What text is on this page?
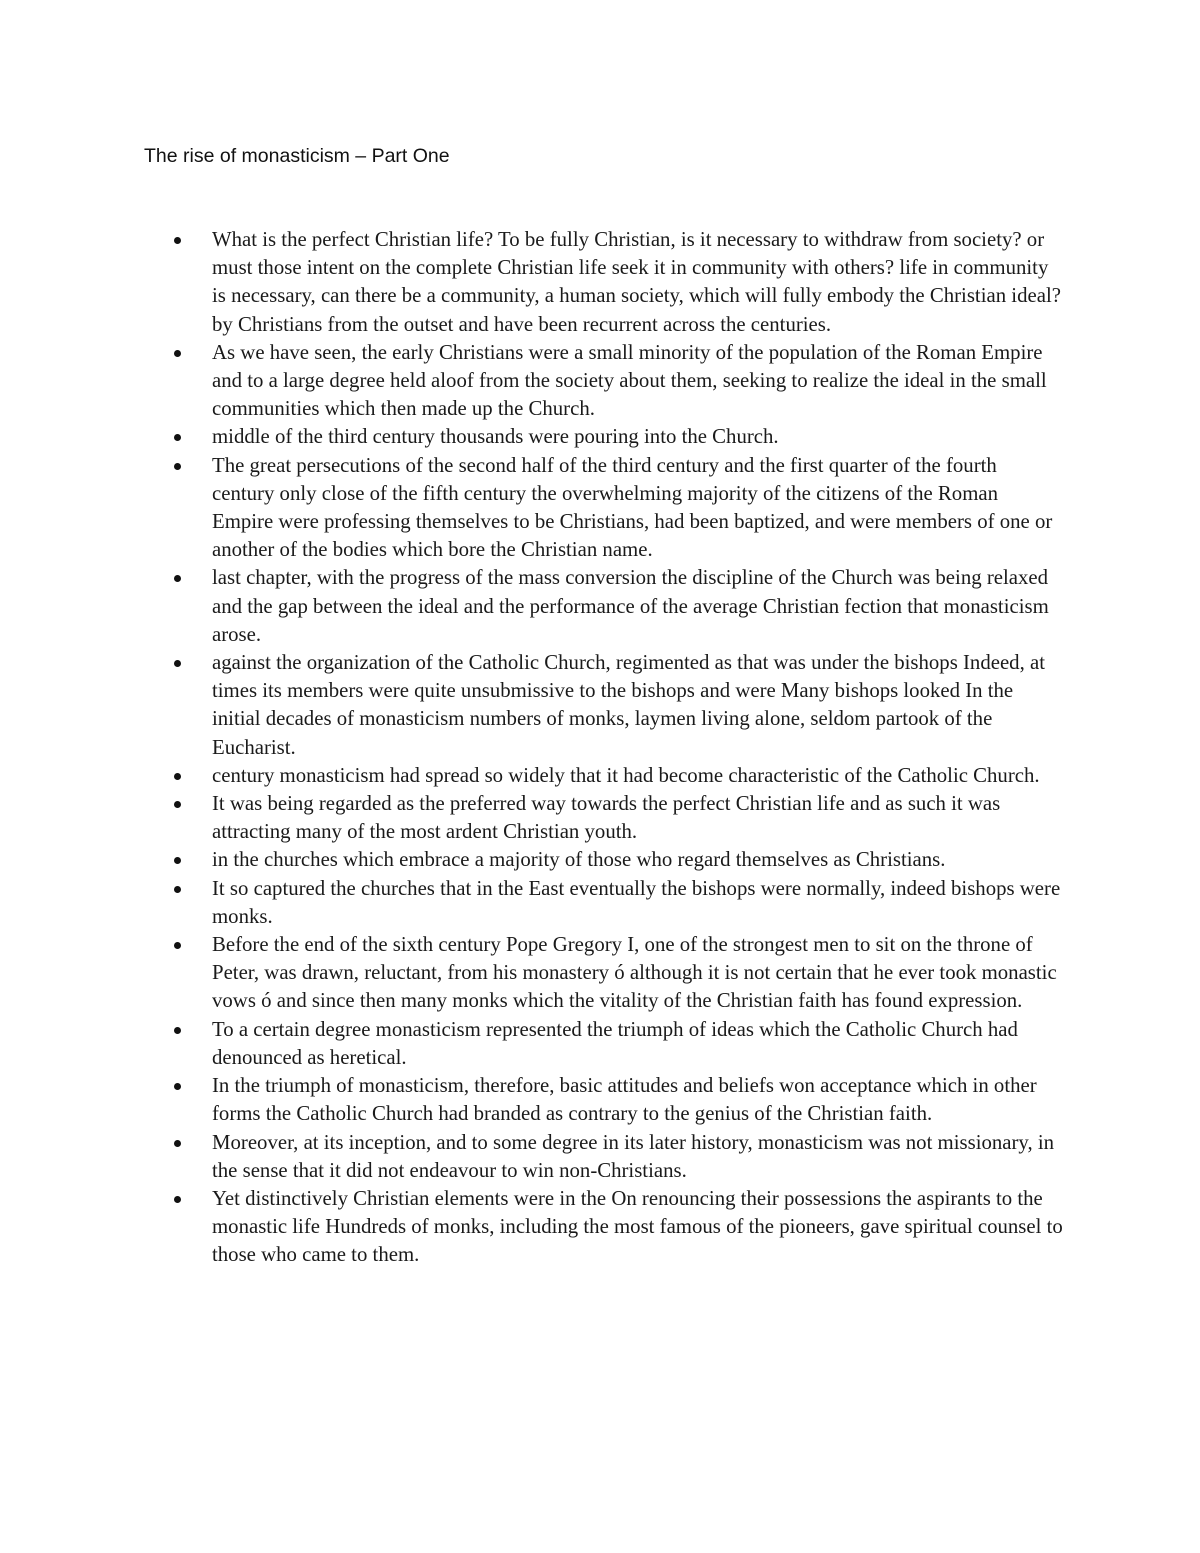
The rise of monasticism – Part One
What is the perfect Christian life? To be fully Christian, is it necessary to withdraw from society? or must those intent on the complete Christian life seek it in community with others? life in community is necessary, can there be a community, a human society, which will fully embody the Christian ideal? by Christians from the outset and have been recurrent across the centuries.
As we have seen, the early Christians were a small minority of the population of the Roman Empire and to a large degree held aloof from the society about them, seeking to realize the ideal in the small communities which then made up the Church.
middle of the third century thousands were pouring into the Church.
The great persecutions of the second half of the third century and the first quarter of the fourth century only close of the fifth century the overwhelming majority of the citizens of the Roman Empire were professing themselves to be Christians, had been baptized, and were members of one or another of the bodies which bore the Christian name.
last chapter, with the progress of the mass conversion the discipline of the Church was being relaxed and the gap between the ideal and the performance of the average Christian fection that monasticism arose.
against the organization of the Catholic Church, regimented as that was under the bishops Indeed, at times its members were quite unsubmissive to the bishops and were Many bishops looked In the initial decades of monasticism numbers of monks, laymen living alone, seldom partook of the Eucharist.
century monasticism had spread so widely that it had become characteristic of the Catholic Church.
It was being regarded as the preferred way towards the perfect Christian life and as such it was attracting many of the most ardent Christian youth.
in the churches which embrace a majority of those who regard themselves as Christians.
It so captured the churches that in the East eventually the bishops were normally, indeed bishops were monks.
Before the end of the sixth century Pope Gregory I, one of the strongest men to sit on the throne of Peter, was drawn, reluctant, from his monastery ó although it is not certain that he ever took monastic vows ó and since then many monks which the vitality of the Christian faith has found expression.
To a certain degree monasticism represented the triumph of ideas which the Catholic Church had denounced as heretical.
In the triumph of monasticism, therefore, basic attitudes and beliefs won acceptance which in other forms the Catholic Church had branded as contrary to the genius of the Christian faith.
Moreover, at its inception, and to some degree in its later history, monasticism was not missionary, in the sense that it did not endeavour to win non-Christians.
Yet distinctively Christian elements were in the On renouncing their possessions the aspirants to the monastic life Hundreds of monks, including the most famous of the pioneers, gave spiritual counsel to those who came to them.
